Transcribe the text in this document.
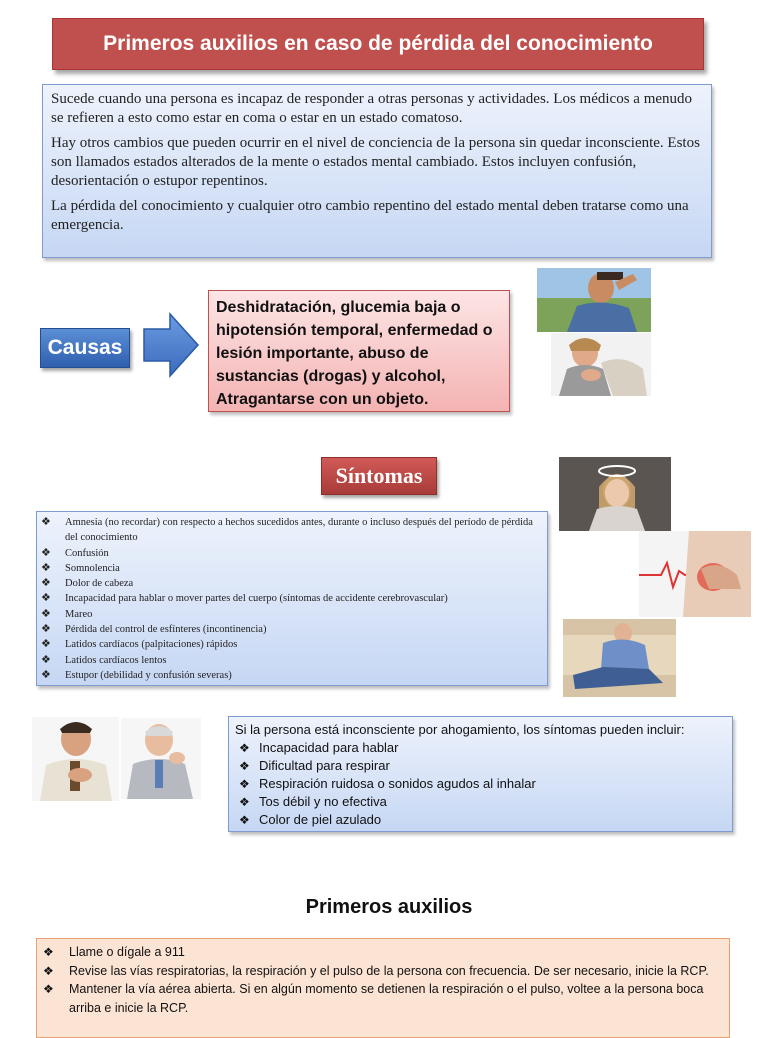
Primeros auxilios en caso de pérdida del conocimiento

Sucede cuando una persona es incapaz de responder a otras personas y actividades. Los médicos a menudo se refieren a esto como estar en coma o estar en un estado comatoso.

Hay otros cambios que pueden ocurrir en el nivel de conciencia de la persona sin quedar inconsciente. Estos son llamados estados alterados de la mente o estados mental cambiado. Estos incluyen confusión, desorientación o estupor repentinos.

La pérdida del conocimiento y cualquier otro cambio repentino del estado mental deben tratarse como una emergencia.

Causas
Deshidratación, glucemia baja o hipotensión temporal, enfermedad o lesión importante, abuso de sustancias (drogas) y alcohol, Atragantarse con un objeto.
Síntomas
❖	Amnesia (no recordar) con respecto a hechos sucedidos antes, durante o incluso después del período de pérdida del conocimiento
❖	Confusión
❖	Somnolencia
❖	Dolor de cabeza
❖	Incapacidad para hablar o mover partes del cuerpo (síntomas de accidente cerebrovascular)
❖	Mareo
❖	Pérdida del control de esfínteres (incontinencia)
❖	Latidos cardíacos (palpitaciones) rápidos
❖	Latidos cardíacos lentos
❖	Estupor (debilidad y confusión severas)
Si la persona está inconsciente por ahogamiento, los síntomas pueden incluir:
❖ Incapacidad para hablar
❖ Dificultad para respirar
❖ Respiración ruidosa o sonidos agudos al inhalar
❖ Tos débil y no efectiva
❖ Color de piel azulado
Primeros auxilios
❖	Llame o dígale a 911
❖	Revise las vías respiratorias, la respiración y el pulso de la persona con frecuencia. De ser necesario, inicie la RCP.
❖	Mantener la vía aérea abierta. Si en algún momento se detienen la respiración o el pulso, voltee a la persona boca arriba e inicie la RCP.
